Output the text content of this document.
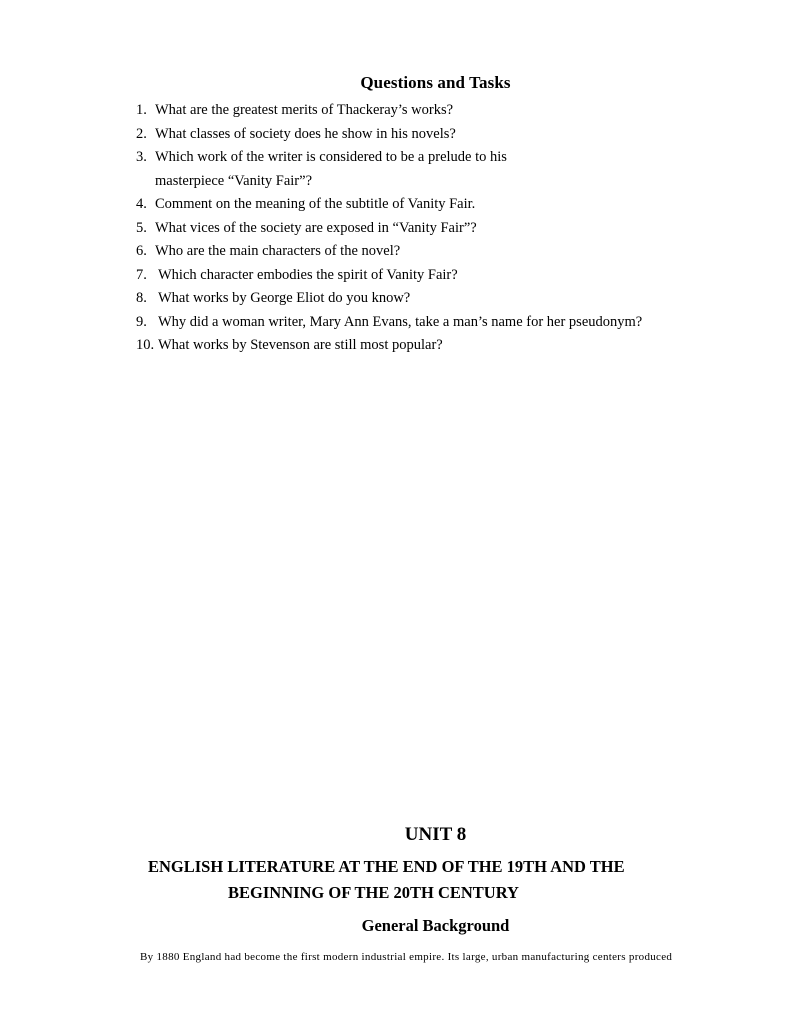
Questions and Tasks
1. What are the greatest merits of Thackeray’s works?
2. What classes of society does he show in his novels?
3. Which work of the writer is considered to be a prelude to his
masterpiece “Vanity Fair”?
4. Comment on the meaning of the subtitle of Vanity Fair.
5. What vices of the society are exposed in “Vanity Fair”?
6. Who are the main characters of the novel?
7. Which character embodies the spirit of Vanity Fair?
8. What works by George Eliot do you know?
9. Why did a woman writer, Mary Ann Evans, take a man’s name for her pseudonym?
10. What works by Stevenson are still most popular?
UNIT 8
ENGLISH LITERATURE AT THE END OF THE 19TH AND THE
BEGINNING OF THE 20TH CENTURY
General Background

By 1880 England had become the first modern industrial empire. Its large, urban manufacturing centers produced
